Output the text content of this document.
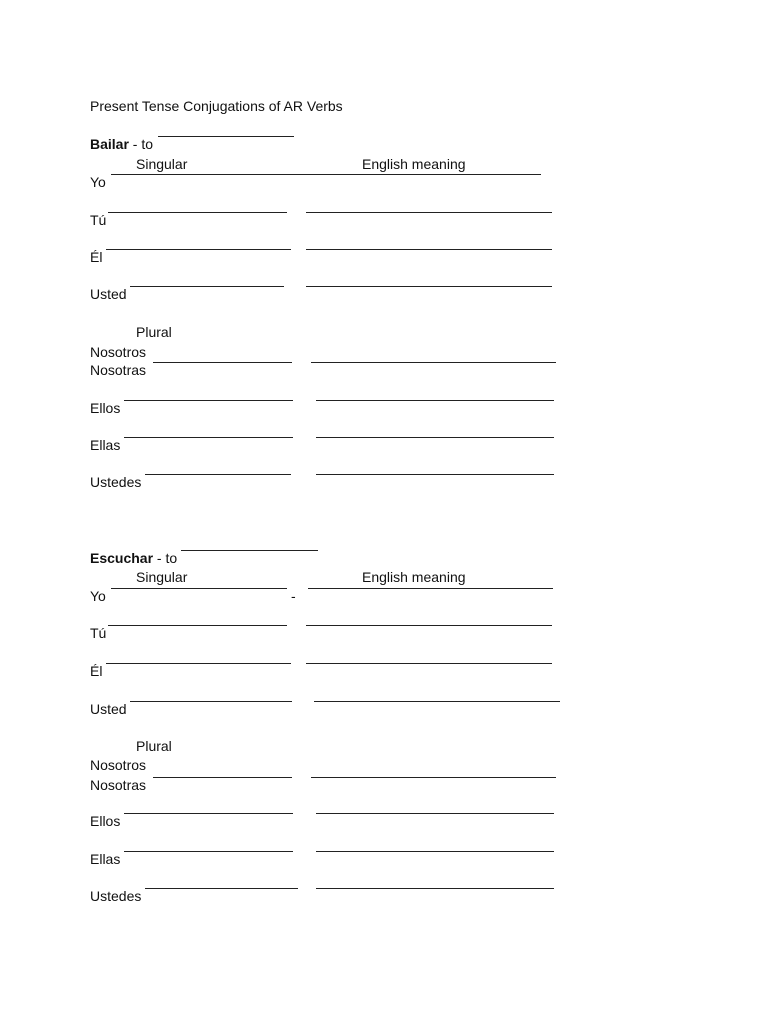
Present Tense Conjugations of AR Verbs
Bailar - to
Singular	English meaning
Yo
Tú
Él
Usted
Plural
Nosotros
Nosotras
Ellos
Ellas
Ustedes
Escuchar - to
Singular	English meaning
Yo	-
Tú
Él
Usted
Plural
Nosotros
Nosotras
Ellos
Ellas
Ustedes
